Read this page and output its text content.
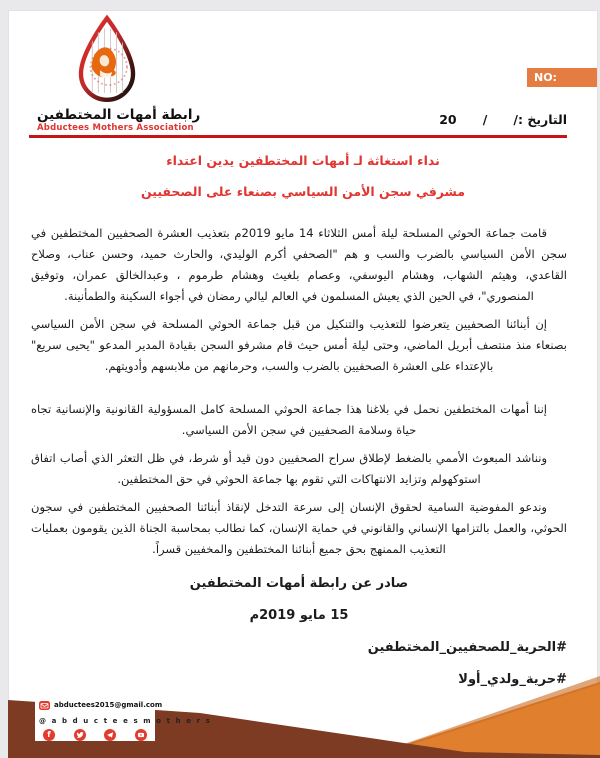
رابطة أمهات المختطفين
Abductees Mothers Association
NO:
التاريخ :/      /      20
نداء استغاثة لـ أمهات المختطفين يدين اعتداء
مشرفي سجن الأمن السياسي بصنعاء على الصحفيين

قامت جماعة الحوثي المسلحة ليلة أمس الثلاثاء 14 مايو 2019م بتعذيب العشرة الصحفيين المختطفين في سجن الأمن السياسي بالضرب والسب و هم "الصحفي أكرم الوليدي، والحارث حميد، وحسن عناب، وصلاح القاعدي، وهيثم الشهاب، وهشام اليوسفي، وعصام بلغيث وهشام طرموم ، وعبدالخالق عمران، وتوفيق المنصوري"، في الحين الذي يعيش المسلمون في العالم ليالي رمضان في أجواء السكينة والطمأنينة.

إن أبنائنا الصحفيين يتعرضوا للتعذيب والتنكيل من قبل جماعة الحوثي المسلحة في سجن الأمن السياسي بصنعاء منذ منتصف أبريل الماضي، وحتى ليلة أمس حيث قام مشرفو السجن بقيادة المدير المدعو "يحيى سريع" بالإعتداء على العشرة الصحفيين بالضرب والسب، وحرمانهم من ملابسهم وأدويتهم.

إننا أمهات المختطفين نحمل في بلاغنا هذا جماعة الحوثي المسلحة كامل المسؤولية القانونية والإنسانية تجاه حياة وسلامة الصحفيين في سجن الأمن السياسي.

ونناشد المبعوث الأممي بالضغط لإطلاق سراح الصحفيين دون قيد أو شرط، في ظل التعثر الذي أصاب اتفاق استوكهولم وتزايد الانتهاكات التي تقوم بها جماعة الحوثي في حق المختطفين.

وندعو المفوضية السامية لحقوق الإنسان إلى سرعة التدخل لإنقاذ أبنائنا الصحفيين المختطفين في سجون الحوثي، والعمل بالتزامها الإنساني والقانوني في حماية الإنسان، كما نطالب بمحاسبة الجناة الذين يقومون بعمليات التعذيب الممنهج بحق جميع أبنائنا المختطفين والمخفيين قسراً.

صادر عن رابطة أمهات المختطفين
15 مايو 2019م
#الحرية_للصحفيين_المختطفين
#حرية_ولدي_أولا
abductees2015@gmail.com
@ a b d u c t e e s m o t h e r s
f
